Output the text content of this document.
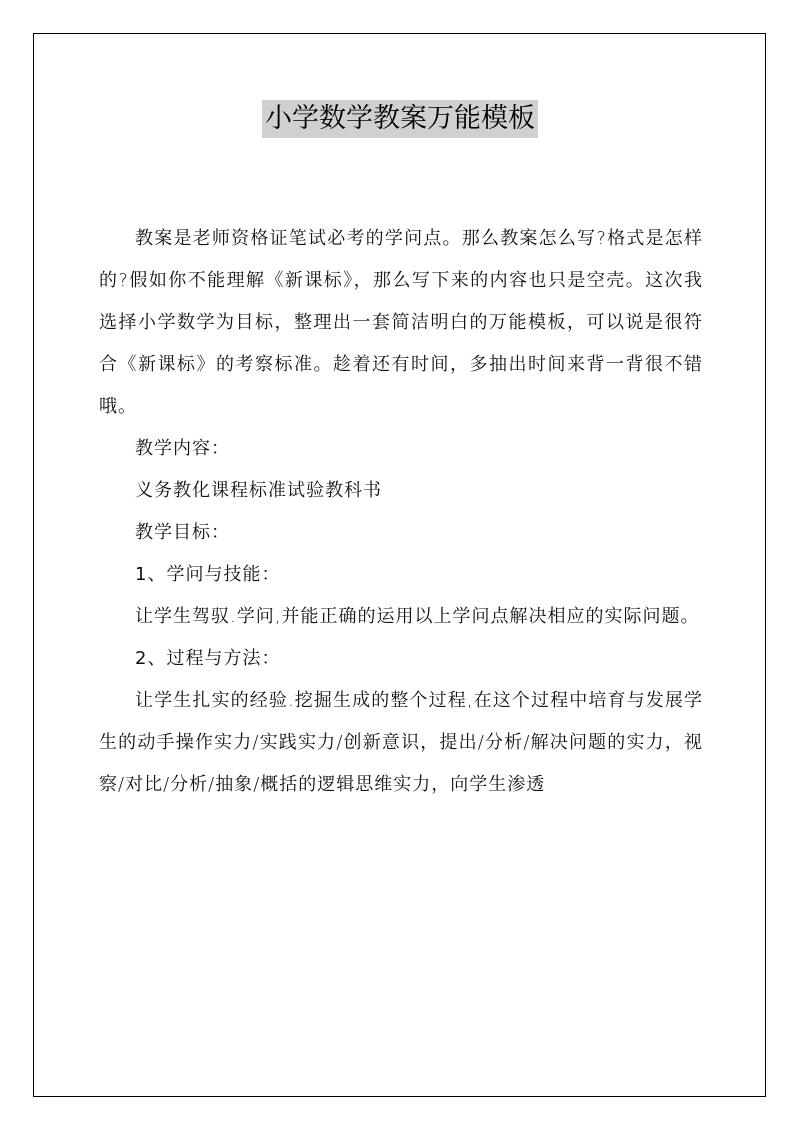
小学数学教案万能模板

教案是老师资格证笔试必考的学问点。那么教案怎么写?格式是怎样的?假如你不能理解《新课标》，那么写下来的内容也只是空壳。这次我选择小学数学为目标，整理出一套简洁明白的万能模板，可以说是很符合《新课标》的考察标准。趁着还有时间，多抽出时间来背一背很不错哦。

教学内容：

义务教化课程标准试验教科书

教学目标：

1、学问与技能：

让学生驾驭.学问,并能正确的运用以上学问点解决相应的实际问题。

2、过程与方法：

让学生扎实的经验.挖掘生成的整个过程,在这个过程中培育与发展学生的动手操作实力/实践实力/创新意识，提出/分析/解决问题的实力，视察/对比/分析/抽象/概括的逻辑思维实力，向学生渗透
